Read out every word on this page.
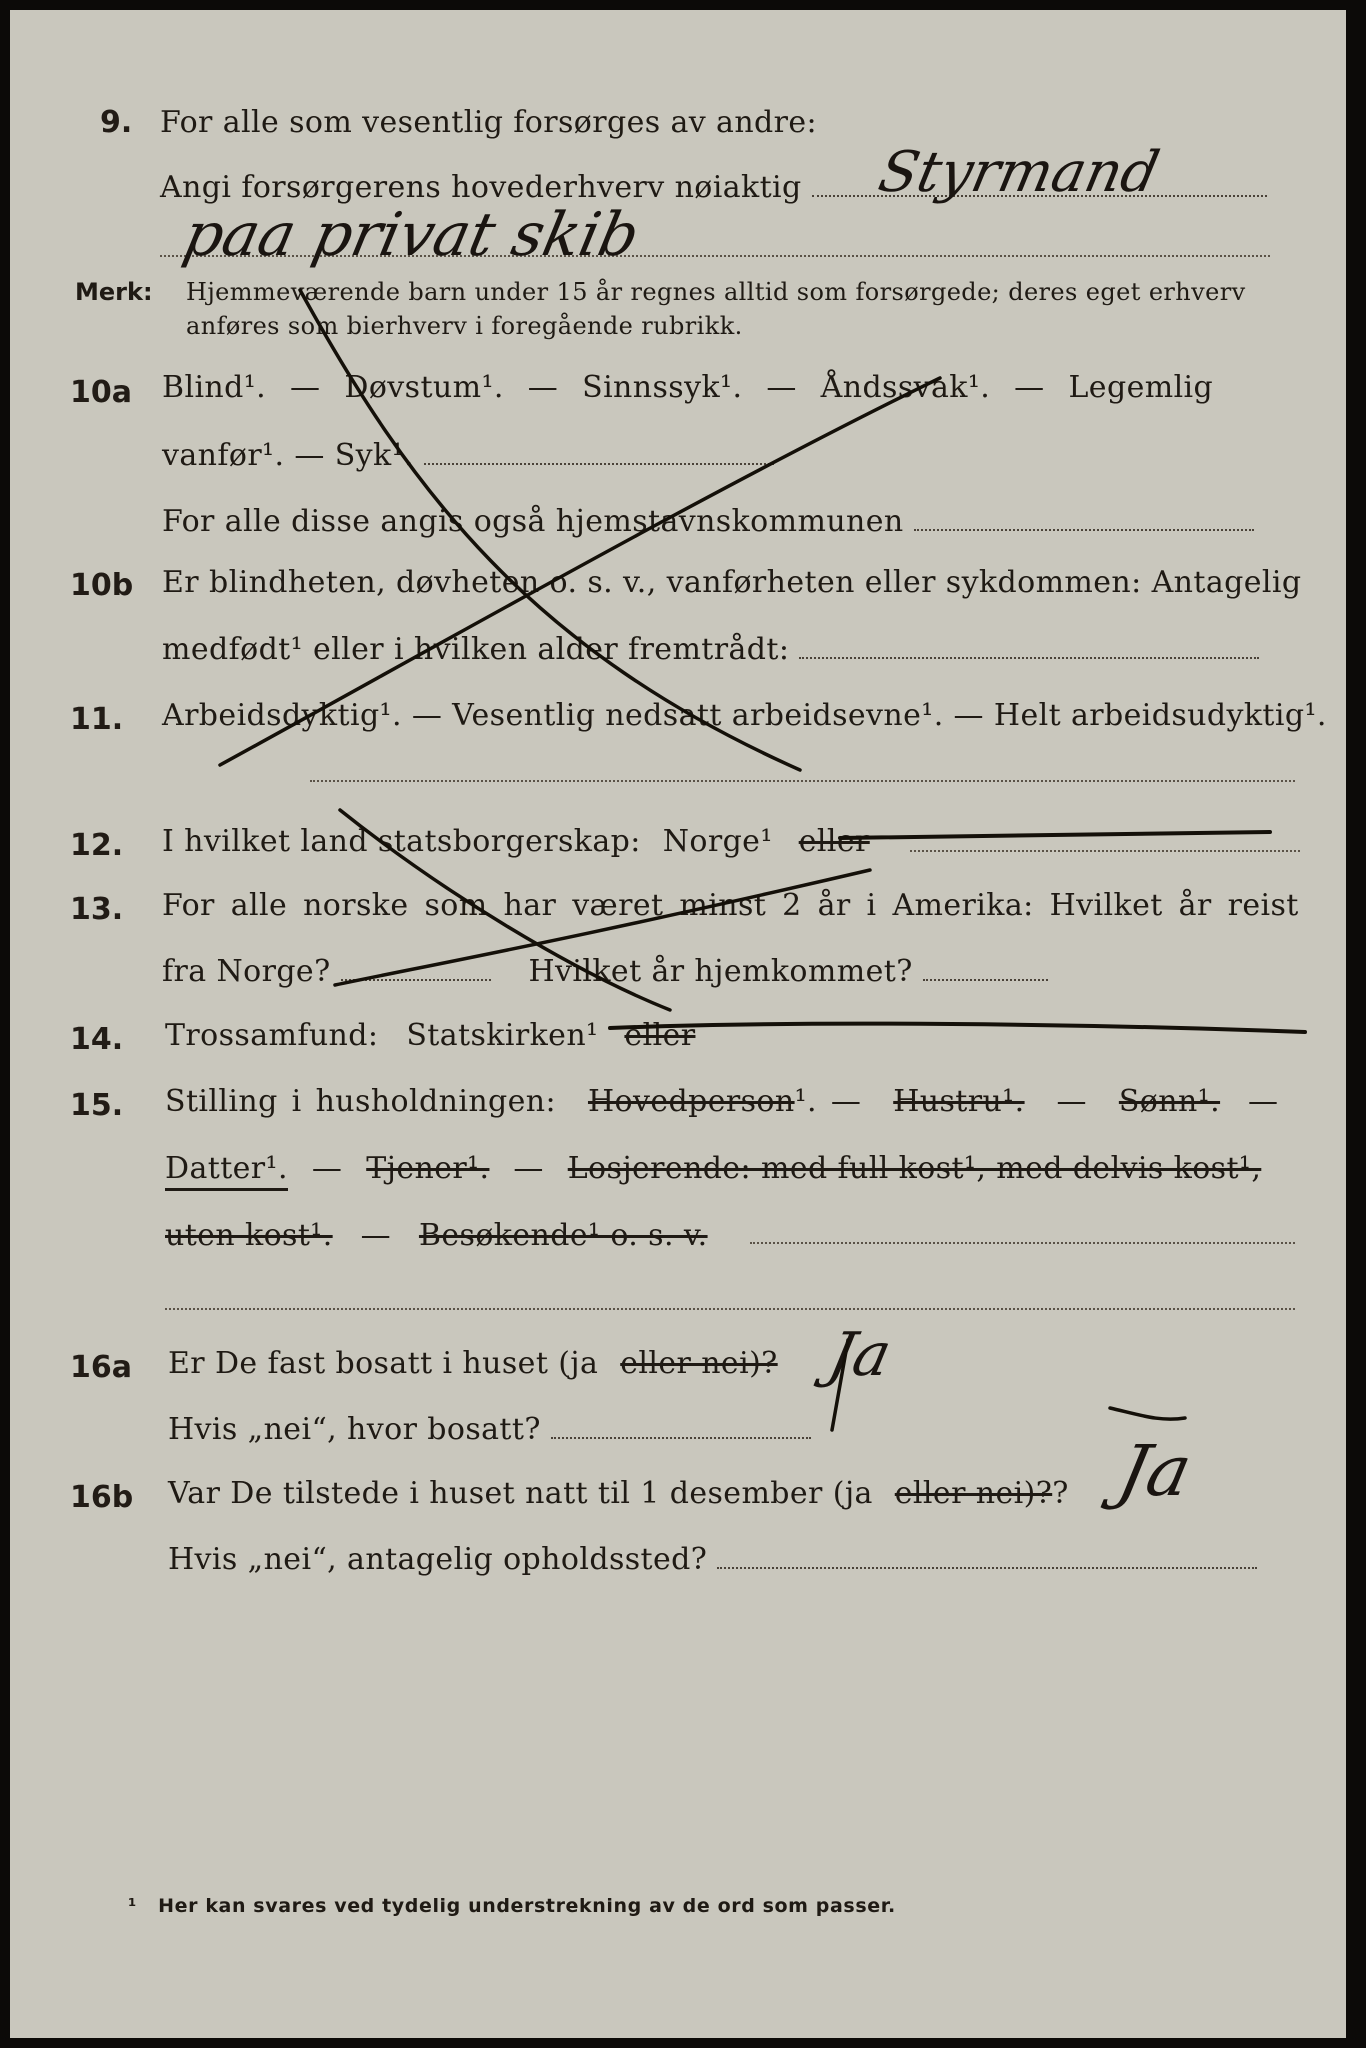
9. For alle som vesentlig forsørges av andre:
Angi forsørgerens hovederhverv nøiaktig	Styrmand
paa privat skib
Merk: Hjemmeværende barn under 15 år regnes alltid som forsørgede; deres eget erhverv
anføres som bierhverv i foregående rubrikk.
10a Blind¹. — Døvstum¹. — Sinnssyk¹. — Åndssvak¹. — Legemlig
vanfør¹. — Syk¹.
For alle disse angis også hjemstavnskommunen
10b Er blindheten, døvheten o. s. v., vanførheten eller sykdommen: Antagelig
medfødt¹ eller i hvilken alder fremtrådt:
11. Arbeidsdyktig¹. — Vesentlig nedsatt arbeidsevne¹. — Helt arbeidsudyktig¹.
12. I hvilket land statsborgerskap: Norge¹ eller
13. For alle norske som har været minst 2 år i Amerika: Hvilket år reist
fra Norge?	Hvilket år hjemkommet?
14. Trossamfund: Statskirken¹ eller
15. Stilling i husholdningen: Hovedperson¹. — Hustru¹. — Sønn¹. —
Datter¹. — Tjener¹. — Losjerende: med full kost¹, med delvis kost¹,
uten kost¹. — Besøkende¹ o. s. v.
16a Er De fast bosatt i huset (ja eller nei)? Ja
Hvis „nei“, hvor bosatt?
16b Var De tilstede i huset natt til 1 desember (ja eller nei)?? Ja
Hvis „nei“, antagelig opholdssted?
¹ Her kan svares ved tydelig understrekning av de ord som passer.
